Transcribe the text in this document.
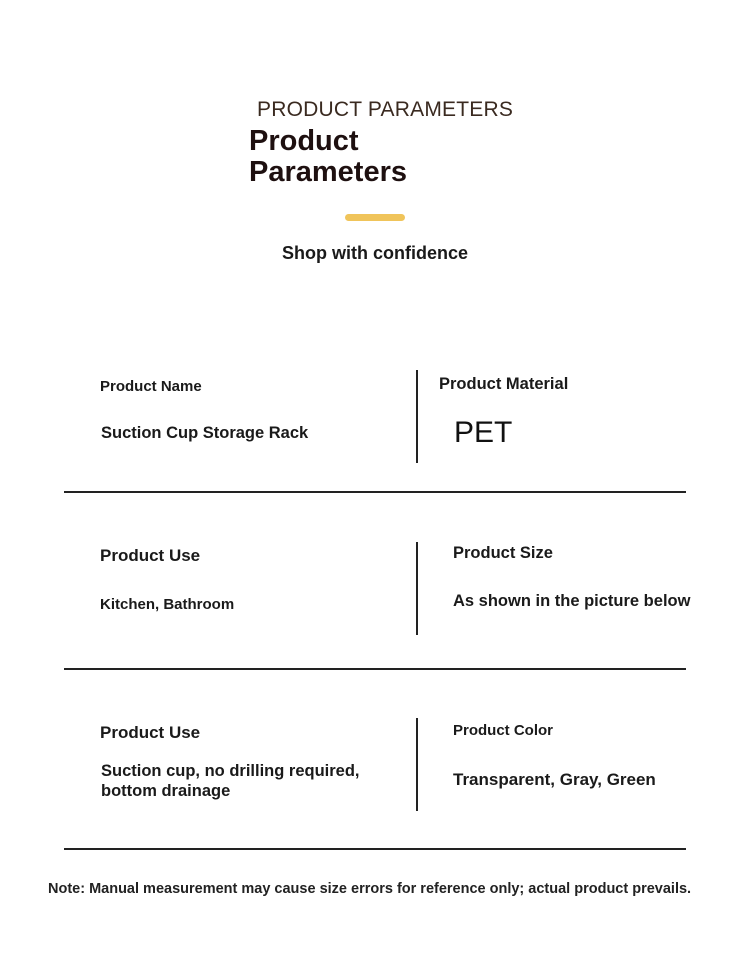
PRODUCT PARAMETERS
Product
Parameters
Shop with confidence
Product Name
Suction Cup Storage Rack
Product Material
PET
Product Use
Kitchen, Bathroom
Product Size
As shown in the picture below
Product Use
Suction cup, no drilling required,
bottom drainage
Product Color
Transparent, Gray, Green
Note: Manual measurement may cause size errors for reference only; actual product prevails.
